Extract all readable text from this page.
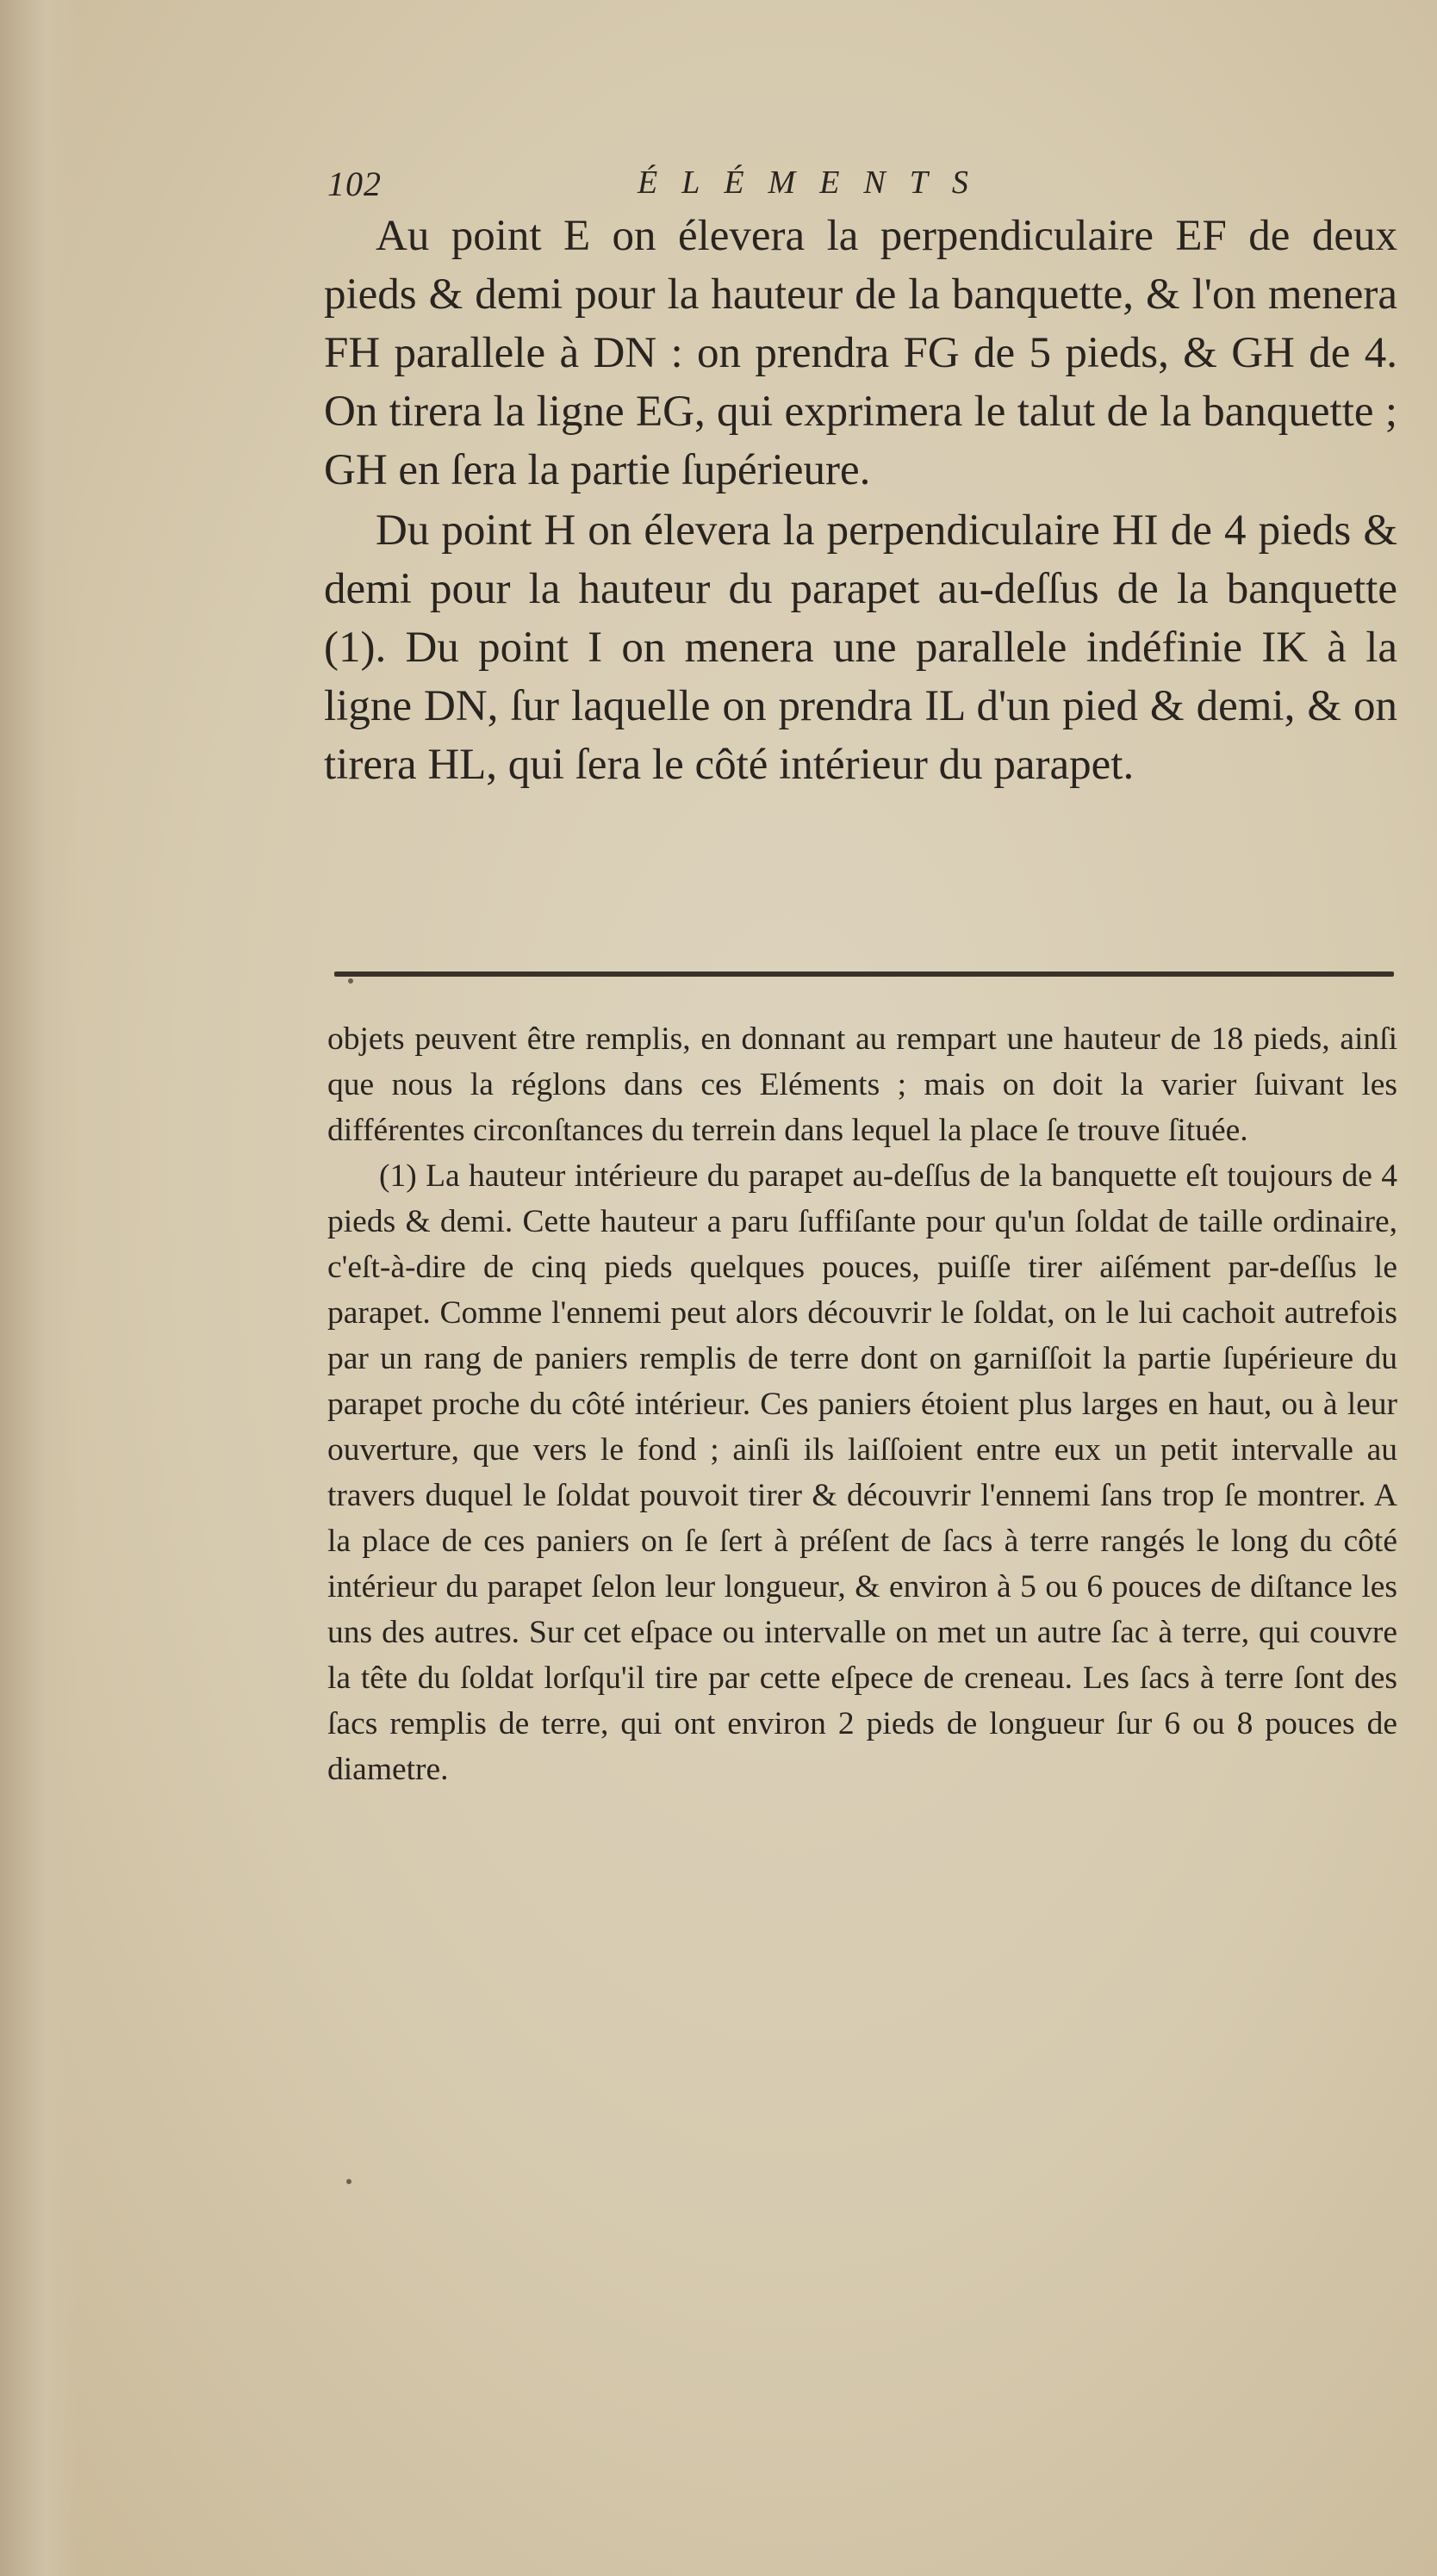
102	ÉLÉMENTS

Au point E on élevera la perpendiculaire EF de deux pieds & demi pour la hauteur de la banquette, & l'on menera FH parallele à DN : on prendra FG de 5 pieds, & GH de 4. On tirera la ligne EG, qui exprimera le talut de la banquette ; GH en ſera la partie ſupérieure.

Du point H on élevera la perpendiculaire HI de 4 pieds & demi pour la hauteur du parapet au-deſſus de la banquette (1). Du point I on menera une parallele indéfinie IK à la ligne DN, ſur laquelle on prendra IL d'un pied & demi, & on tirera HL, qui ſera le côté intérieur du parapet.

objets peuvent être remplis, en donnant au rempart une hauteur de 18 pieds, ainſi que nous la réglons dans ces Eléments ; mais on doit la varier ſuivant les différentes circonſtances du terrein dans lequel la place ſe trouve ſituée.

(1) La hauteur intérieure du parapet au-deſſus de la banquette eſt toujours de 4 pieds & demi. Cette hauteur a paru ſuffiſante pour qu'un ſoldat de taille ordinaire, c'eſt-à-dire de cinq pieds quelques pouces, puiſſe tirer aiſément par-deſſus le parapet. Comme l'ennemi peut alors découvrir le ſoldat, on le lui cachoit autrefois par un rang de paniers remplis de terre dont on garniſſoit la partie ſupérieure du parapet proche du côté intérieur. Ces paniers étoient plus larges en haut, ou à leur ouverture, que vers le fond ; ainſi ils laiſſoient entre eux un petit intervalle au travers duquel le ſoldat pouvoit tirer & découvrir l'ennemi ſans trop ſe montrer. A la place de ces paniers on ſe ſert à préſent de ſacs à terre rangés le long du côté intérieur du parapet ſelon leur longueur, & environ à 5 ou 6 pouces de diſtance les uns des autres. Sur cet eſpace ou intervalle on met un autre ſac à terre, qui couvre la tête du ſoldat lorſqu'il tire par cette eſpece de creneau. Les ſacs à terre ſont des ſacs remplis de terre, qui ont environ 2 pieds de longueur ſur 6 ou 8 pouces de diametre.
